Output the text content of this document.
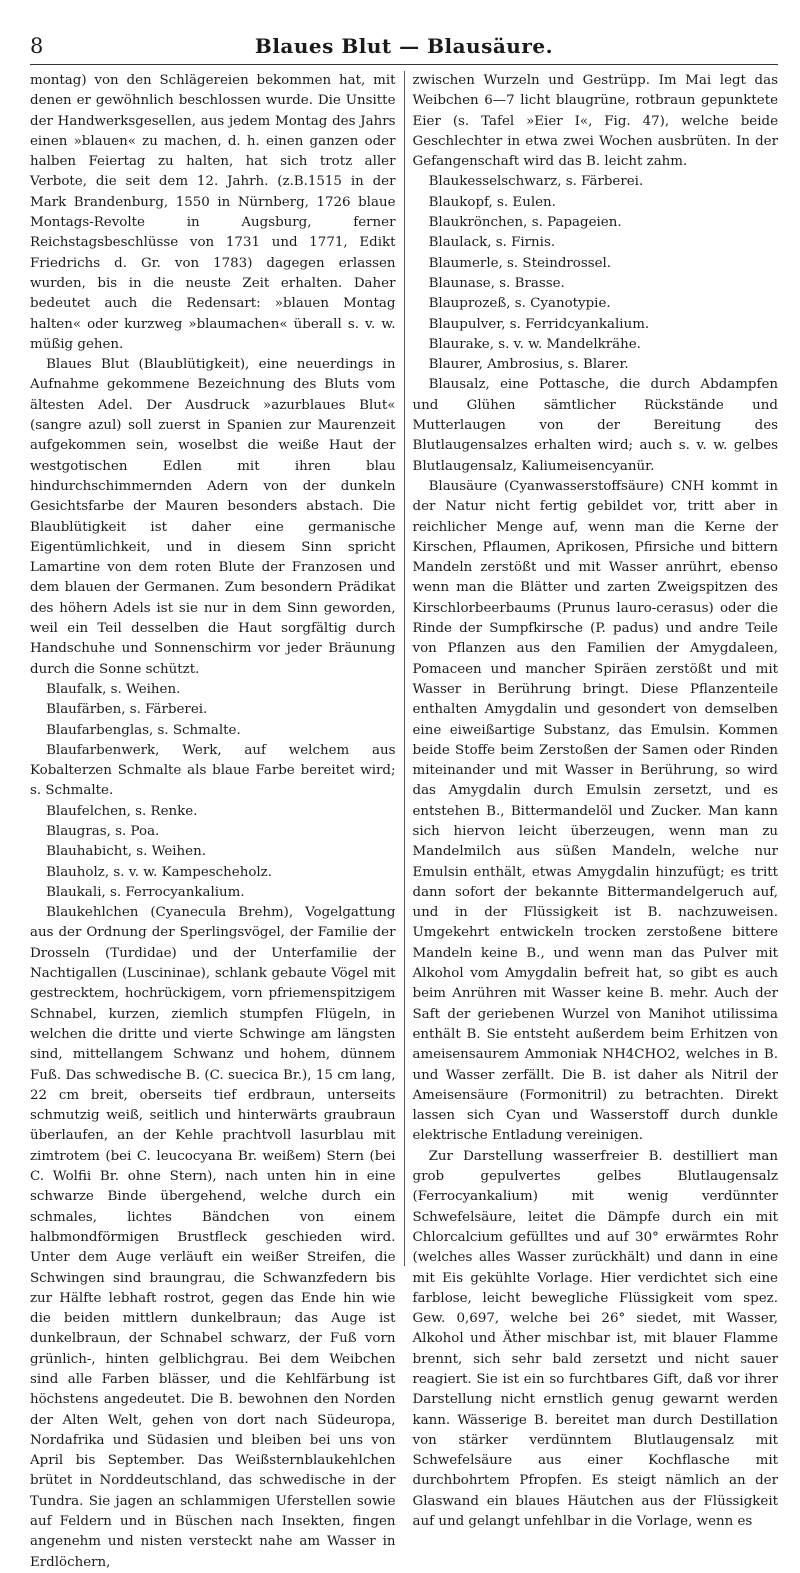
8	Blaues Blut — Blausäure.

montag) von den Schlägereien bekommen hat, mit denen er gewöhnlich beschlossen wurde. Die Unsitte der Handwerksgesellen, aus jedem Montag des Jahrs einen »blauen« zu machen, d. h. einen ganzen oder halben Feiertag zu halten, hat sich trotz aller Verbote, die seit dem 12. Jahrh. (z.B.1515 in der Mark Brandenburg, 1550 in Nürnberg, 1726 blaue Montags-Revolte in Augsburg, ferner Reichstagsbeschlüsse von 1731 und 1771, Edikt Friedrichs d. Gr. von 1783) dagegen erlassen wurden, bis in die neuste Zeit erhalten. Daher bedeutet auch die Redensart: »blauen Montag halten« oder kurzweg »blaumachen« überall s. v. w. müßig gehen.

Blaues Blut (Blaublütigkeit), eine neuerdings in Aufnahme gekommene Bezeichnung des Bluts vom ältesten Adel. Der Ausdruck »azurblaues Blut« (sangre azul) soll zuerst in Spanien zur Maurenzeit aufgekommen sein, woselbst die weiße Haut der westgotischen Edlen mit ihren blau hindurchschimmernden Adern von der dunkeln Gesichtsfarbe der Mauren besonders abstach. Die Blaublütigkeit ist daher eine germanische Eigentümlichkeit, und in diesem Sinn spricht Lamartine von dem roten Blute der Franzosen und dem blauen der Germanen. Zum besondern Prädikat des höhern Adels ist sie nur in dem Sinn geworden, weil ein Teil desselben die Haut sorgfältig durch Handschuhe und Sonnenschirm vor jeder Bräunung durch die Sonne schützt.

Blaufalk, s. Weihen.

Blaufärben, s. Färberei.

Blaufarbenglas, s. Schmalte.

Blaufarbenwerk, Werk, auf welchem aus Kobalterzen Schmalte als blaue Farbe bereitet wird; s. Schmalte.

Blaufelchen, s. Renke.

Blaugras, s. Poa.

Blauhabicht, s. Weihen.

Blauholz, s. v. w. Kampescheholz.

Blaukali, s. Ferrocyankalium.

Blaukehlchen (Cyanecula Brehm), Vogelgattung aus der Ordnung der Sperlingsvögel, der Familie der Drosseln (Turdidae) und der Unterfamilie der Nachtigallen (Luscininae), schlank gebaute Vögel mit gestrecktem, hochrückigem, vorn pfriemenspitzigem Schnabel, kurzen, ziemlich stumpfen Flügeln, in welchen die dritte und vierte Schwinge am längsten sind, mittellangem Schwanz und hohem, dünnem Fuß. Das schwedische B. (C. suecica Br.), 15 cm lang, 22 cm breit, oberseits tief erdbraun, unterseits schmutzig weiß, seitlich und hinterwärts graubraun überlaufen, an der Kehle prachtvoll lasurblau mit zimtrotem (bei C. leucocyana Br. weißem) Stern (bei C. Wolfii Br. ohne Stern), nach unten hin in eine schwarze Binde übergehend, welche durch ein schmales, lichtes Bändchen von einem halbmondförmigen Brustfleck geschieden wird. Unter dem Auge verläuft ein weißer Streifen, die Schwingen sind braungrau, die Schwanzfedern bis zur Hälfte lebhaft rostrot, gegen das Ende hin wie die beiden mittlern dunkelbraun; das Auge ist dunkelbraun, der Schnabel schwarz, der Fuß vorn grünlich-, hinten gelblichgrau. Bei dem Weibchen sind alle Farben blässer, und die Kehlfärbung ist höchstens angedeutet. Die B. bewohnen den Norden der Alten Welt, gehen von dort nach Südeuropa, Nordafrika und Südasien und bleiben bei uns von April bis September. Das Weißsternblaukehlchen brütet in Norddeutschland, das schwedische in der Tundra. Sie jagen an schlammigen Uferstellen sowie auf Feldern und in Büschen nach Insekten, fingen angenehm und nisten versteckt nahe am Wasser in Erdlöchern,

zwischen Wurzeln und Gestrüpp. Im Mai legt das Weibchen 6—7 licht blaugrüne, rotbraun gepunktete Eier (s. Tafel »Eier I«, Fig. 47), welche beide Geschlechter in etwa zwei Wochen ausbrüten. In der Gefangenschaft wird das B. leicht zahm.

Blaukesselschwarz, s. Färberei.

Blaukopf, s. Eulen.

Blaukrönchen, s. Papageien.

Blaulack, s. Firnis.

Blaumerle, s. Steindrossel.

Blaunase, s. Brasse.

Blauprozeß, s. Cyanotypie.

Blaupulver, s. Ferridcyankalium.

Blaurake, s. v. w. Mandelkrähe.

Blaurer, Ambrosius, s. Blarer.

Blausalz, eine Pottasche, die durch Abdampfen und Glühen sämtlicher Rückstände und Mutterlaugen von der Bereitung des Blutlaugensalzes erhalten wird; auch s. v. w. gelbes Blutlaugensalz, Kaliumeisencyanür.

Blausäure (Cyanwasserstoffsäure) CNH kommt in der Natur nicht fertig gebildet vor, tritt aber in reichlicher Menge auf, wenn man die Kerne der Kirschen, Pflaumen, Aprikosen, Pfirsiche und bittern Mandeln zerstößt und mit Wasser anrührt, ebenso wenn man die Blätter und zarten Zweigspitzen des Kirschlorbeerbaums (Prunus lauro-cerasus) oder die Rinde der Sumpfkirsche (P. padus) und andre Teile von Pflanzen aus den Familien der Amygdaleen, Pomaceen und mancher Spiräen zerstößt und mit Wasser in Berührung bringt. Diese Pflanzenteile enthalten Amygdalin und gesondert von demselben eine eiweißartige Substanz, das Emulsin. Kommen beide Stoffe beim Zerstoßen der Samen oder Rinden miteinander und mit Wasser in Berührung, so wird das Amygdalin durch Emulsin zersetzt, und es entstehen B., Bittermandelöl und Zucker. Man kann sich hiervon leicht überzeugen, wenn man zu Mandelmilch aus süßen Mandeln, welche nur Emulsin enthält, etwas Amygdalin hinzufügt; es tritt dann sofort der bekannte Bittermandelgeruch auf, und in der Flüssigkeit ist B. nachzuweisen. Umgekehrt entwickeln trocken zerstoßene bittere Mandeln keine B., und wenn man das Pulver mit Alkohol vom Amygdalin befreit hat, so gibt es auch beim Anrühren mit Wasser keine B. mehr. Auch der Saft der geriebenen Wurzel von Manihot utilissima enthält B. Sie entsteht außerdem beim Erhitzen von ameisensaurem Ammoniak NH4CHO2, welches in B. und Wasser zerfällt. Die B. ist daher als Nitril der Ameisensäure (Formonitril) zu betrachten. Direkt lassen sich Cyan und Wasserstoff durch dunkle elektrische Entladung vereinigen.

Zur Darstellung wasserfreier B. destilliert man grob gepulvertes gelbes Blutlaugensalz (Ferrocyankalium) mit wenig verdünnter Schwefelsäure, leitet die Dämpfe durch ein mit Chlorcalcium gefülltes und auf 30° erwärmtes Rohr (welches alles Wasser zurückhält) und dann in eine mit Eis gekühlte Vorlage. Hier verdichtet sich eine farblose, leicht bewegliche Flüssigkeit vom spez. Gew. 0,697, welche bei 26° siedet, mit Wasser, Alkohol und Äther mischbar ist, mit blauer Flamme brennt, sich sehr bald zersetzt und nicht sauer reagiert. Sie ist ein so furchtbares Gift, daß vor ihrer Darstellung nicht ernstlich genug gewarnt werden kann. Wässerige B. bereitet man durch Destillation von stärker verdünntem Blutlaugensalz mit Schwefelsäure aus einer Kochflasche mit durchbohrtem Pfropfen. Es steigt nämlich an der Glaswand ein blaues Häutchen aus der Flüssigkeit auf und gelangt unfehlbar in die Vorlage, wenn es
